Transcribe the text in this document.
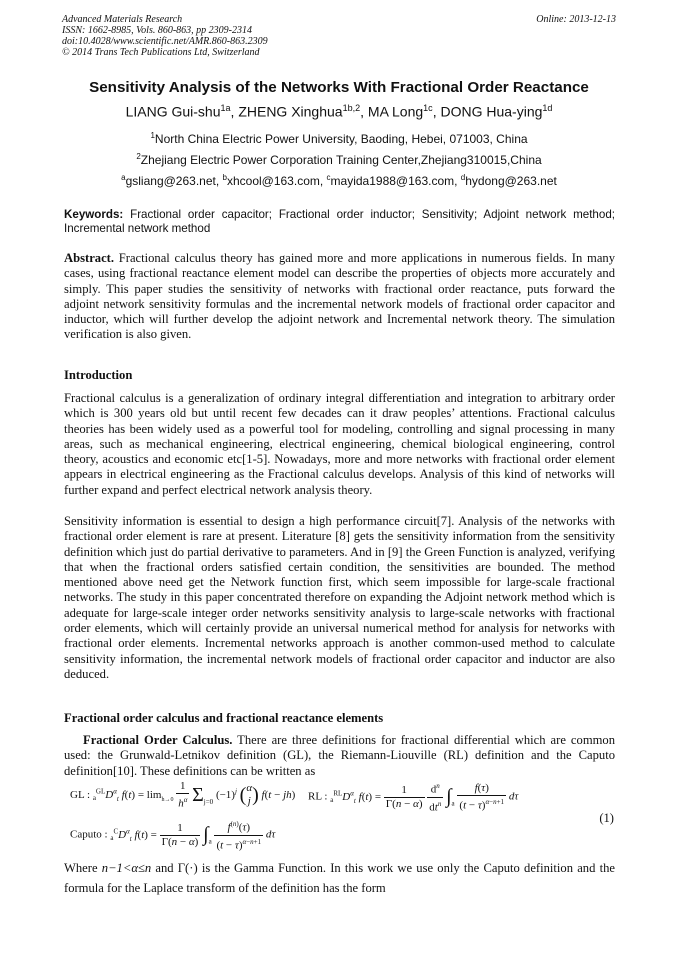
Advanced Materials Research
ISSN: 1662-8985, Vols. 860-863, pp 2309-2314
doi:10.4028/www.scientific.net/AMR.860-863.2309
© 2014 Trans Tech Publications Ltd, Switzerland
Online: 2013-12-13
Sensitivity Analysis of the Networks With Fractional Order Reactance
LIANG Gui-shu$^{1a}$, ZHENG Xinghua$^{1b,2}$, MA Long$^{1c}$, DONG Hua-ying$^{1d}$
$^1$North China Electric Power University, Baoding, Hebei, 071003, China
$^2$Zhejiang Electric Power Corporation Training Center,Zhejiang310015,China
$^a$gsliang@263.net, $^b$xhcool@163.com, $^c$mayida1988@163.com, $^d$hydong@263.net
Keywords: Fractional order capacitor; Fractional order inductor; Sensitivity; Adjoint network method; Incremental network method
Abstract. Fractional calculus theory has gained more and more applications in numerous fields. In many cases, using fractional reactance element model can describe the properties of objects more accurately and simply. This paper studies the sensitivity of networks with fractional order reactance, puts forward the adjoint network sensitivity formulas and the incremental network models of fractional order capacitor and inductor, which will further develop the adjoint network and Incremental network theory. The simulation verification is also given.
Introduction
Fractional calculus is a generalization of ordinary integral differentiation and integration to arbitrary order which is 300 years old but until recent few decades can it draw peoples’ attentions. Fractional calculus theories has been widely used as a powerful tool for modeling, controlling and signal processing in many areas, such as mechanical engineering, electrical engineering, chemical biological engineering, control theory, acoustics and economic etc[1-5]. Nowadays, more and more networks with fractional order element appears in electrical engineering as the Fractional calculus develops. Analysis of this kind of networks will further expand and perfect electrical network analysis theory.
Sensitivity information is essential to design a high performance circuit[7]. Analysis of the networks with fractional order element is rare at present. Literature [8] gets the sensitivity information from the sensitivity definition which just do partial derivative to parameters. And in [9] the Green Function is analyzed, verifying that when the fractional orders satisfied certain condition, the sensitivities are bounded. The method mentioned above need get the Network function first, which seem impossible for large-scale fractional networks. The study in this paper concentrated therefore on expanding the Adjoint network method which is adequate for large-scale integer order networks sensitivity analysis to large-scale networks with fractional order elements, which will certainly provide an universal numerical method for analysis for networks with fractional order elements. Incremental networks approach is another common-used method to calculate sensitivity information, the incremental network models of fractional order capacitor and inductor are also deduced.
Fractional order calculus and fractional reactance elements
Fractional Order Calculus. There are three definitions for fractional differential which are common used: the Grunwald-Letnikov definition (GL), the Riemann-Liouville (RL) definition and the Caputo definition[10]. These definitions can be written as
GL : $_a^{GL}D^\alpha_t$ $f(t) = \lim_{h\to 0} \frac{1}{h^\alpha} \Sigma_{j=0}$ $(-1)^j$ ( α
j ) f(t − jh) RL : $_a^{RL}D^\alpha_t$ $f(t) = \frac{1}{\Gamma(n - \alpha)}$
$\frac{d^n}{dt^n} \int_a \frac{f(\tau)}{(t - \tau)^{\alpha-n+1}}$ dτ
Caputo : $_a^CD^\alpha_t$ $f(t) = \frac{1}{\Gamma(n - \alpha)} \int_a \frac{f^{(n)}(\tau)}{(t - \tau)^{\alpha-n+1}}$ dτ
(1)
Where n−1<α≤n and Γ(·) is the Gamma Function. In this work we use only the Caputo definition and the formula for the Laplace transform of the definition has the form
